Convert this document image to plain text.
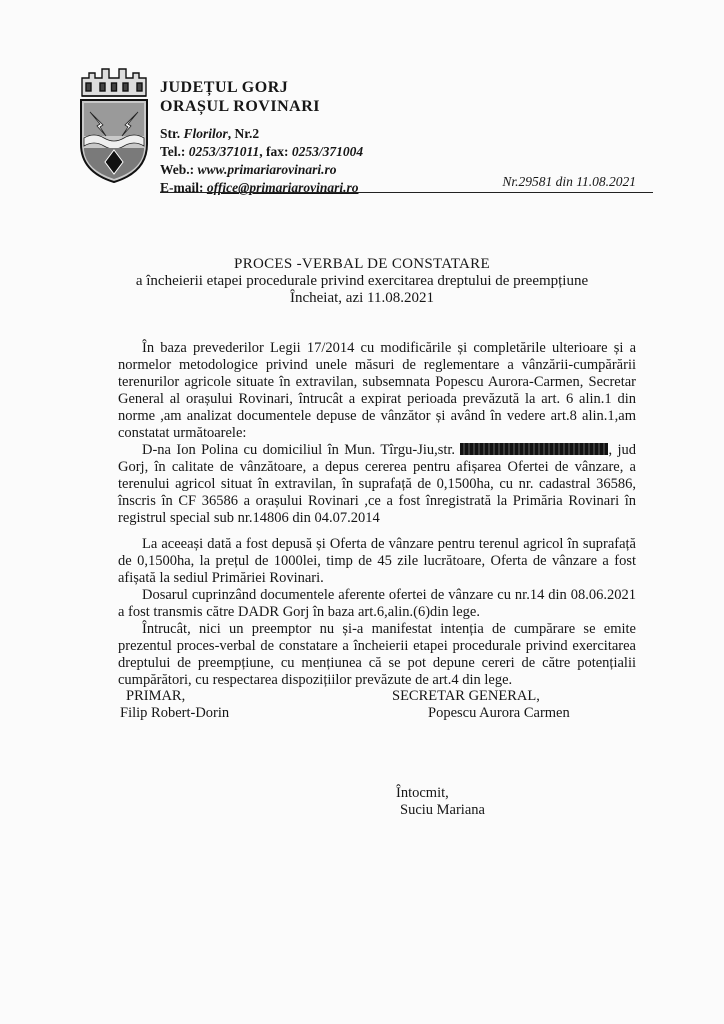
JUDEȚUL GORJ
ORAȘUL ROVINARI
Str. Florilor, Nr.2
Tel.: 0253/371011, fax: 0253/371004
Web.: www.primariarovinari.ro
E-mail: office@primariarovinari.ro	Nr.29581 din 11.08.2021
PROCES -VERBAL DE CONSTATARE
a încheierii etapei procedurale privind exercitarea dreptului de preempțiune
Încheiat, azi 11.08.2021

În baza prevederilor Legii 17/2014 cu modificările și completările ulterioare și a normelor metodologice privind unele măsuri de reglementare a vânzării-cumpărării terenurilor agricole situate în extravilan, subsemnata Popescu Aurora-Carmen, Secretar General al orașului Rovinari, întrucât a expirat perioada prevăzută la art. 6 alin.1 din norme ,am analizat documentele depuse de vânzător și având în vedere art.8 alin.1,am constatat următoarele:

D-na Ion Polina cu domiciliul în Mun. Tîrgu-Jiu,str.	, jud Gorj, în calitate de vânzătoare, a depus cererea pentru afișarea Ofertei de vânzare, a terenului agricol situat în extravilan, în suprafață de 0,1500ha, cu nr. cadastral 36586, înscris în CF 36586 a orașului Rovinari ,ce a fost înregistrată la Primăria Rovinari în registrul special sub nr.14806 din 04.07.2014

La aceeași dată a fost depusă și Oferta de vânzare pentru terenul agricol în suprafață de 0,1500ha, la prețul de 1000lei, timp de 45 zile lucrătoare, Oferta de vânzare a fost afișată la sediul Primăriei Rovinari.

Dosarul cuprinzând documentele aferente ofertei de vânzare cu nr.14 din 08.06.2021 a fost transmis către DADR Gorj în baza art.6,alin.(6)din lege.

Întrucât, nici un preemptor nu și-a manifestat intenția de cumpărare se emite prezentul proces-verbal de constatare a încheierii etapei procedurale privind exercitarea dreptului de preempțiune, cu mențiunea că se pot depune cereri de către potențialii cumpărători, cu respectarea dispozițiilor prevăzute de art.4 din lege.

PRIMAR,
Filip Robert-Dorin
SECRETAR GENERAL,
Popescu Aurora Carmen
Întocmit,
Suciu Mariana
